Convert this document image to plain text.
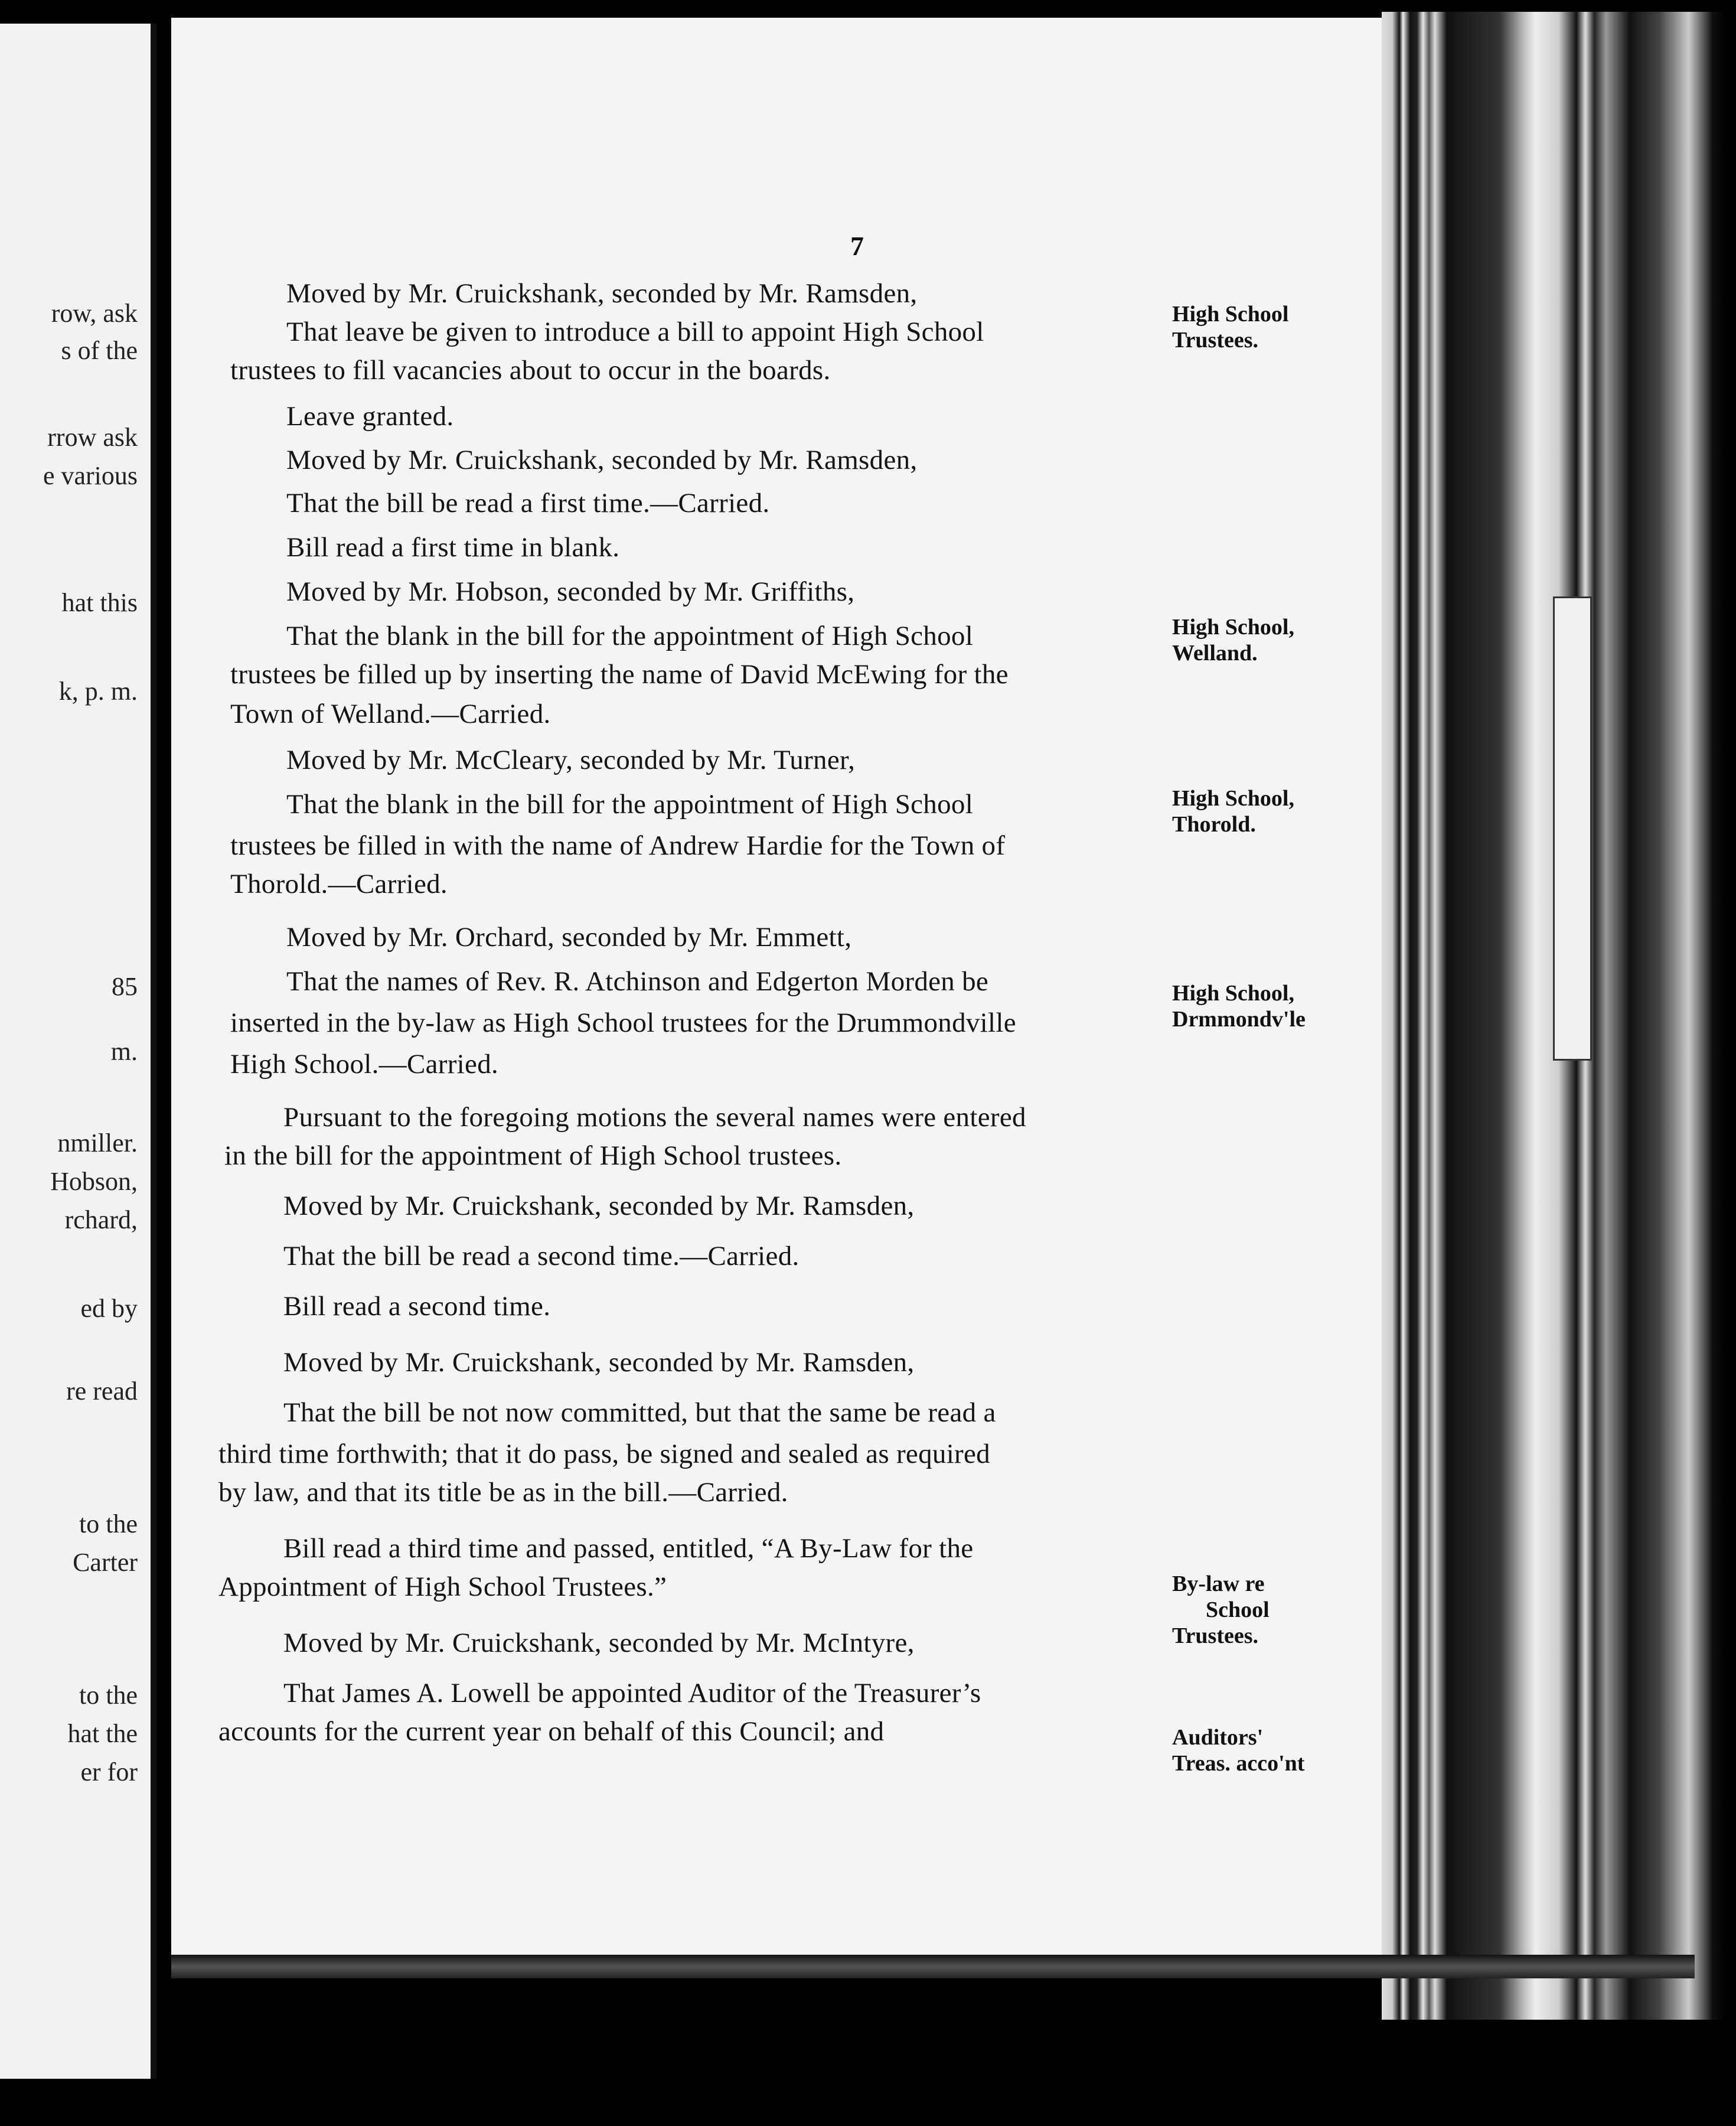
row, ask
s of the
rrow ask
e various
hat this
k, p. m.
85
m.
nmiller.
Hobson,
rchard,
ed by
re read
to the
Carter
to the
hat the
er for
7
Moved by Mr. Cruickshank, seconded by Mr. Ramsden,
That leave be given to introduce a bill to appoint High School
trustees to fill vacancies about to occur in the boards.
Leave granted.
Moved by Mr. Cruickshank, seconded by Mr. Ramsden,
That the bill be read a first time.—Carried.
Bill read a first time in blank.
Moved by Mr. Hobson, seconded by Mr. Griffiths,
That the blank in the bill for the appointment of High School
trustees be filled up by inserting the name of David McEwing for the
Town of Welland.—Carried.
Moved by Mr. McCleary, seconded by Mr. Turner,
That the blank in the bill for the appointment of High School
trustees be filled in with the name of Andrew Hardie for the Town of
Thorold.—Carried.
Moved by Mr. Orchard, seconded by Mr. Emmett,
That the names of Rev. R. Atchinson and Edgerton Morden be
inserted in the by-law as High School trustees for the Drummondville
High School.—Carried.
Pursuant to the foregoing motions the several names were entered
in the bill for the appointment of High School trustees.
Moved by Mr. Cruickshank, seconded by Mr. Ramsden,
That the bill be read a second time.—Carried.
Bill read a second time.
Moved by Mr. Cruickshank, seconded by Mr. Ramsden,
That the bill be not now committed, but that the same be read a
third time forthwith; that it do pass, be signed and sealed as required
by law, and that its title be as in the bill.—Carried.
Bill read a third time and passed, entitled, “A By-Law for the
Appointment of High School Trustees.”
Moved by Mr. Cruickshank, seconded by Mr. McIntyre,
That James A. Lowell be appointed Auditor of the Treasurer’s
accounts for the current year on behalf of this Council; and
High School
Trustees.
High School,
Welland.
High School,
Thorold.
High School,
Drmmondv'le
By-law re
School
Trustees.
Auditors'
Treas. acco'nt
